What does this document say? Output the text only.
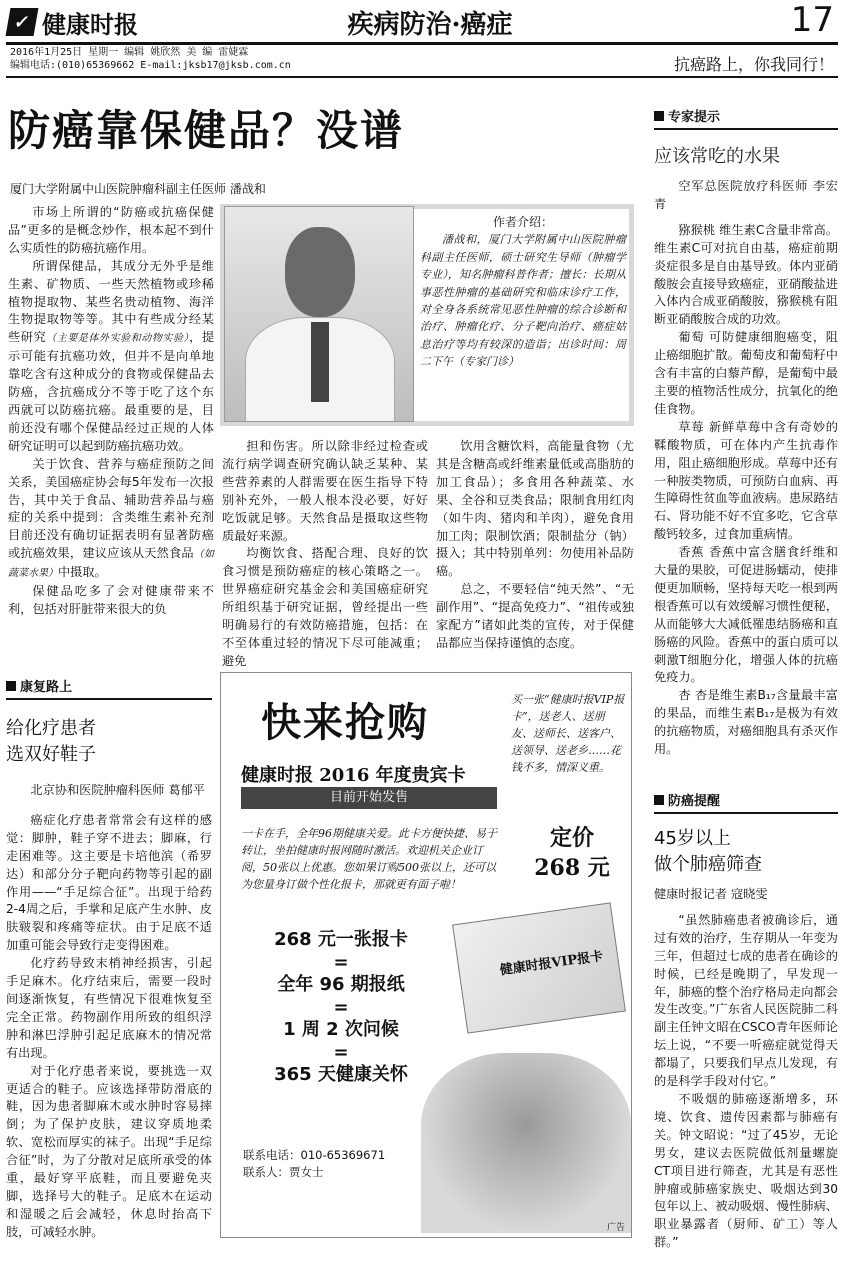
✓ 健康时报	疾病防治·癌症	17
2016年1月25日 星期一 编辑 姚欣然 美 编 雷婕霖
编辑电话:(010)65369662 E-mail:jksb17@jksb.com.cn	抗癌路上，你我同行！
防癌靠保健品？没谱
厦门大学附属中山医院肿瘤科副主任医师 潘战和

市场上所谓的“防癌或抗癌保健品”更多的是概念炒作，根本起不到什么实质性的防癌抗癌作用。

所谓保健品，其成分无外乎是维生素、矿物质、一些天然植物或珍稀植物提取物、某些名贵动植物、海洋生物提取物等等。其中有些成分经某些研究（主要是体外实验和动物实验），提示可能有抗癌功效，但并不是向单地靠吃含有这种成分的食物或保健品去防癌，含抗癌成分不等于吃了这个东西就可以防癌抗癌。最重要的是，目前还没有哪个保健品经过正规的人体研究证明可以起到防癌抗癌功效。

关于饮食、营养与癌症预防之间关系，美国癌症协会每5年发布一次报告，其中关于食品、辅助营养品与癌症的关系中提到：含类维生素补充剂目前还没有确切证据表明有显著防癌或抗癌效果，建议应该从天然食品（如蔬菜水果）中摄取。

保健品吃多了会对健康带来不利，包括对肝脏带来很大的负

作者介绍：
潘战和，厦门大学附属中山医院肿瘤科副主任医师，硕士研究生导师（肿瘤学专业），知名肿瘤科普作者；擅长：长期从事恶性肿瘤的基础研究和临床诊疗工作，对全身各系统常见恶性肿瘤的综合诊断和治疗、肿瘤化疗、分子靶向治疗、癌症姑息治疗等均有较深的造诣；出诊时间：周二下午（专家门诊）

担和伤害。所以除非经过检查或流行病学调查研究确认缺乏某种、某些营养素的人群需要在医生指导下特别补充外，一般人根本没必要，好好吃饭就足够。天然食品是摄取这些物质最好来源。

均衡饮食、搭配合理、良好的饮食习惯是预防癌症的核心策略之一。世界癌症研究基金会和美国癌症研究所组织基于研究证据，曾经提出一些明确易行的有效防癌措施，包括：在不至体重过轻的情况下尽可能减重；避免

饮用含糖饮料，高能量食物（尤其是含糖高或纤维素量低或高脂肪的加工食品）；多食用各种蔬菜、水果、全谷和豆类食品；限制食用红肉（如牛肉、猪肉和羊肉），避免食用加工肉；限制饮酒；限制盐分（钠）摄入；其中特别单列：勿使用补品防癌。

总之，不要轻信“纯天然”、“无副作用”、“提高免疫力”、“祖传或独家配方”诸如此类的宣传，对于保健品都应当保持谨慎的态度。

康复路上
给化疗患者
选双好鞋子
北京协和医院肿瘤科医师 葛郁平

癌症化疗患者常常会有这样的感觉：脚肿，鞋子穿不进去；脚麻，行走困难等。这主要是卡培他滨（希罗达）和部分分子靶向药物等引起的副作用——“手足综合征”。出现于给药2-4周之后，手掌和足底产生水肿、皮肤皲裂和疼痛等症状。由于足底不适加重可能会导致行走变得困难。

化疗药导致末梢神经损害，引起手足麻木。化疗结束后，需要一段时间逐渐恢复，有些情况下很难恢复至完全正常。药物副作用所致的组织浮肿和淋巴浮肿引起足底麻木的情况常有出现。

对于化疗患者来说，要挑选一双更适合的鞋子。应该选择带防滑底的鞋，因为患者脚麻木或水肿时容易摔倒；为了保护皮肤，建议穿质地柔软、宽松而厚实的袜子。出现“手足综合征”时，为了分散对足底所承受的体重，最好穿平底鞋，而且要避免夹脚，选择号大的鞋子。足底木在运动和湿暖之后会减轻，休息时抬高下肢，可减轻水肿。

专家提示
应该常吃的水果
空军总医院放疗科医师 李宏青

猕猴桃 维生素C含量非常高。维生素C可对抗自由基，癌症前期炎症很多是自由基导致。体内亚硝酸胺会直接导致癌症，亚硝酸盐进入体内合成亚硝酸胺，猕猴桃有阻断亚硝酸胺合成的功效。

葡萄 可防健康细胞癌变，阻止癌细胞扩散。葡萄皮和葡萄籽中含有丰富的白藜芦醇，是葡萄中最主要的植物活性成分，抗氧化的绝佳食物。

草莓 新鲜草莓中含有奇妙的鞣酸物质，可在体内产生抗毒作用，阻止癌细胞形成。草莓中还有一种胺类物质，可预防白血病、再生障碍性贫血等血液病。患尿路结石、肾功能不好不宜多吃，它含草酸钙较多，过食加重病情。

香蕉 香蕉中富含膳食纤维和大量的果胶，可促进肠蠕动，使排便更加顺畅，坚持每天吃一根到两根香蕉可以有效缓解习惯性便秘，从而能够大大减低罹患结肠癌和直肠癌的风险。香蕉中的蛋白质可以刺激T细胞分化，增强人体的抗癌免疫力。

杏 杏是维生素B₁₇含量最丰富的果品，而维生素B₁₇是极为有效的抗癌物质，对癌细胞具有杀灭作用。

防癌提醒
45岁以上
做个肺癌筛查
健康时报记者 寇晓雯

“虽然肺癌患者被确诊后，通过有效的治疗，生存期从一年变为三年，但超过七成的患者在确诊的时候，已经是晚期了，早发现一年，肺癌的整个治疗格局走向都会发生改变。”广东省人民医院肺二科副主任钟文昭在CSCO青年医师论坛上说，“不要一听癌症就觉得天都塌了，只要我们早点儿发现，有的是科学手段对付它。”

不吸烟的肺癌逐渐增多，环境、饮食、遗传因素都与肺癌有关。钟文昭说：“过了45岁，无论男女，建议去医院做低剂量螺旋CT项目进行筛查，尤其是有恶性肿瘤或肺癌家族史、吸烟达到30包年以上、被动吸烟、慢性肺病、职业暴露者（厨师、矿工）等人群。”

快来抢购
健康时报 2016 年度贵宾卡
目前开始发售
买一张“健康时报VIP报卡”，送老人、送朋友、送师长、送客户、送领导、送老乡……花钱不多，情深义重。
定价
268 元
一卡在手，全年96期健康关爱。此卡方便快捷、易于转让，坐拍健康时报网随时激活。欢迎机关企业订阅，50张以上优惠。您如果订购500张以上，还可以为您量身订做个性化报卡，那就更有面子啦！
268 元一张报卡
=
全年 96 期报纸
=
1 周 2 次问候
=
365 天健康关怀
健康时报VIP报卡
联系电话：010-65369671
联系人：贾女士
广告
